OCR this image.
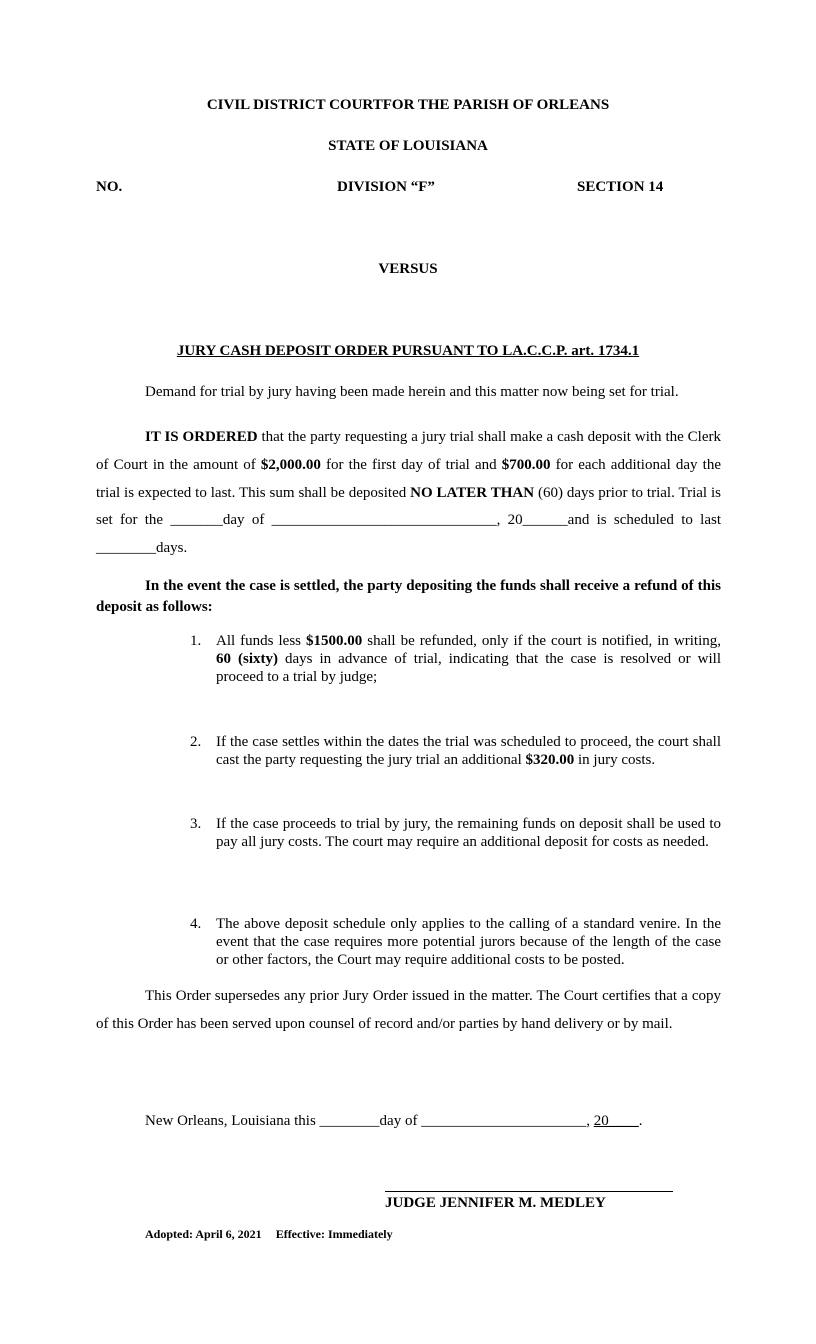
CIVIL DISTRICT COURTFOR THE PARISH OF ORLEANS
STATE OF LOUISIANA
NO.	DIVISION “F”	SECTION 14
VERSUS
JURY CASH DEPOSIT ORDER PURSUANT TO LA.C.C.P. art. 1734.1
Demand for trial by jury having been made herein and this matter now being set for trial.
IT IS ORDERED that the party requesting a jury trial shall make a cash deposit with the Clerk of Court in the amount of $2,000.00 for the first day of trial and $700.00 for each additional day the trial is expected to last. This sum shall be deposited NO LATER THAN (60) days prior to trial. Trial is set for the _______day of ______________________________, 20______and is scheduled to last ________days.
In the event the case is settled, the party depositing the funds shall receive a refund of this deposit as follows:
1. All funds less $1500.00 shall be refunded, only if the court is notified, in writing, 60 (sixty) days in advance of trial, indicating that the case is resolved or will proceed to a trial by judge;
2. If the case settles within the dates the trial was scheduled to proceed, the court shall cast the party requesting the jury trial an additional $320.00 in jury costs.
3. If the case proceeds to trial by jury, the remaining funds on deposit shall be used to pay all jury costs. The court may require an additional deposit for costs as needed.
4. The above deposit schedule only applies to the calling of a standard venire. In the event that the case requires more potential jurors because of the length of the case or other factors, the Court may require additional costs to be posted.
This Order supersedes any prior Jury Order issued in the matter. The Court certifies that a copy of this Order has been served upon counsel of record and/or parties by hand delivery or by mail.
New Orleans, Louisiana this ________day of ______________________, 20____.
JUDGE JENNIFER M. MEDLEY
Adopted: April 6, 2021 Effective: Immediately
